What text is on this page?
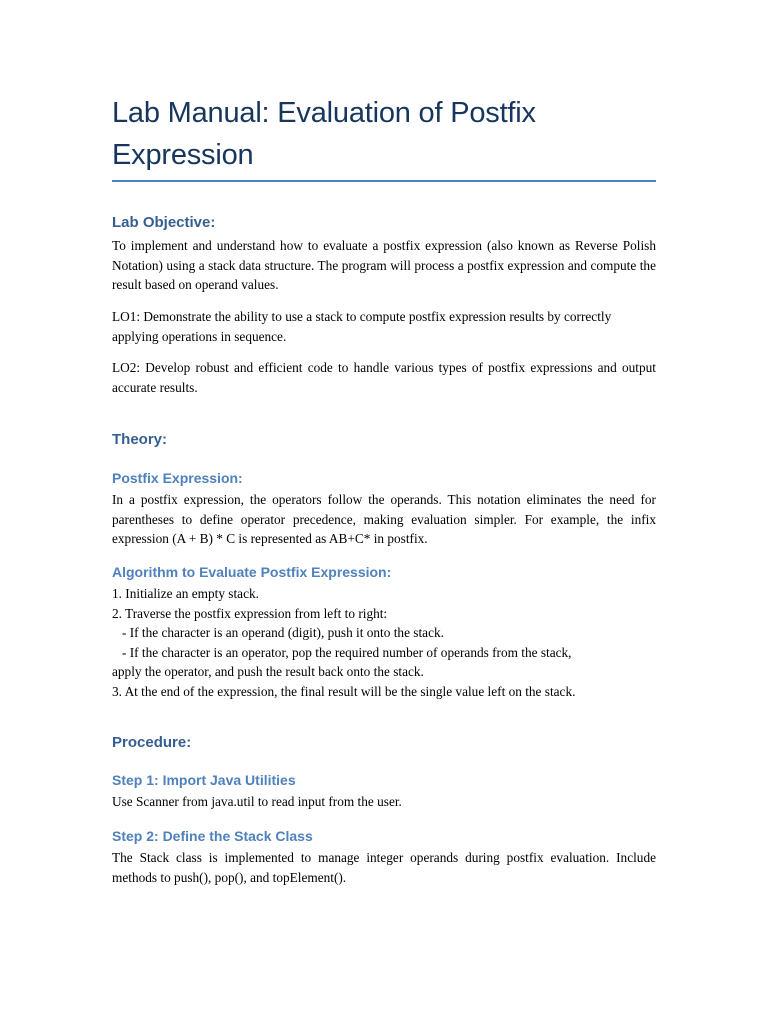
Lab Manual: Evaluation of Postfix
Expression
Lab Objective:

To implement and understand how to evaluate a postfix expression (also known as Reverse Polish Notation) using a stack data structure. The program will process a postfix expression and compute the result based on operand values.

LO1: Demonstrate the ability to use a stack to compute postfix expression results by correctly applying operations in sequence.

LO2: Develop robust and efficient code to handle various types of postfix expressions and output accurate results.

Theory:
Postfix Expression:

In a postfix expression, the operators follow the operands. This notation eliminates the need for parentheses to define operator precedence, making evaluation simpler. For example, the infix expression (A + B) * C is represented as AB+C* in postfix.

Algorithm to Evaluate Postfix Expression:
1. Initialize an empty stack.
2. Traverse the postfix expression from left to right:
- If the character is an operand (digit), push it onto the stack.
- If the character is an operator, pop the required number of operands from the stack,
apply the operator, and push the result back onto the stack.
3. At the end of the expression, the final result will be the single value left on the stack.
Procedure:
Step 1: Import Java Utilities

Use Scanner from java.util to read input from the user.

Step 2: Define the Stack Class

The Stack class is implemented to manage integer operands during postfix evaluation. Include methods to push(), pop(), and topElement().
